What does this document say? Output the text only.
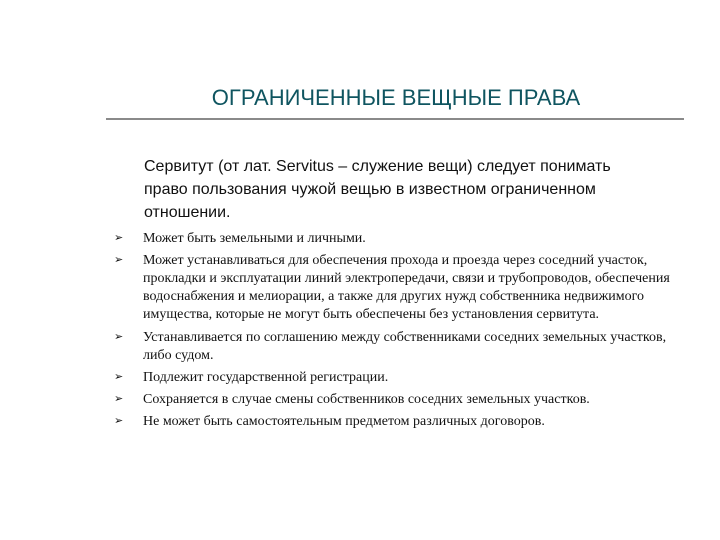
ОГРАНИЧЕННЫЕ ВЕЩНЫЕ ПРАВА
Сервитут (от лат. Servitus – служение вещи) следует понимать право пользования чужой вещью в известном ограниченном отношении.
➢ Может быть земельными и личными.
➢ Может устанавливаться для обеспечения прохода и проезда через соседний участок, прокладки и эксплуатации линий электропередачи, связи и трубопроводов, обеспечения водоснабжения и мелиорации, а также для других нужд собственника недвижимого имущества, которые не могут быть обеспечены без установления сервитута.
➢ Устанавливается по соглашению между собственниками соседних земельных участков, либо судом.
➢ Подлежит государственной регистрации.
➢ Сохраняется в случае смены собственников соседних земельных участков.
➢ Не может быть самостоятельным предметом различных договоров.
